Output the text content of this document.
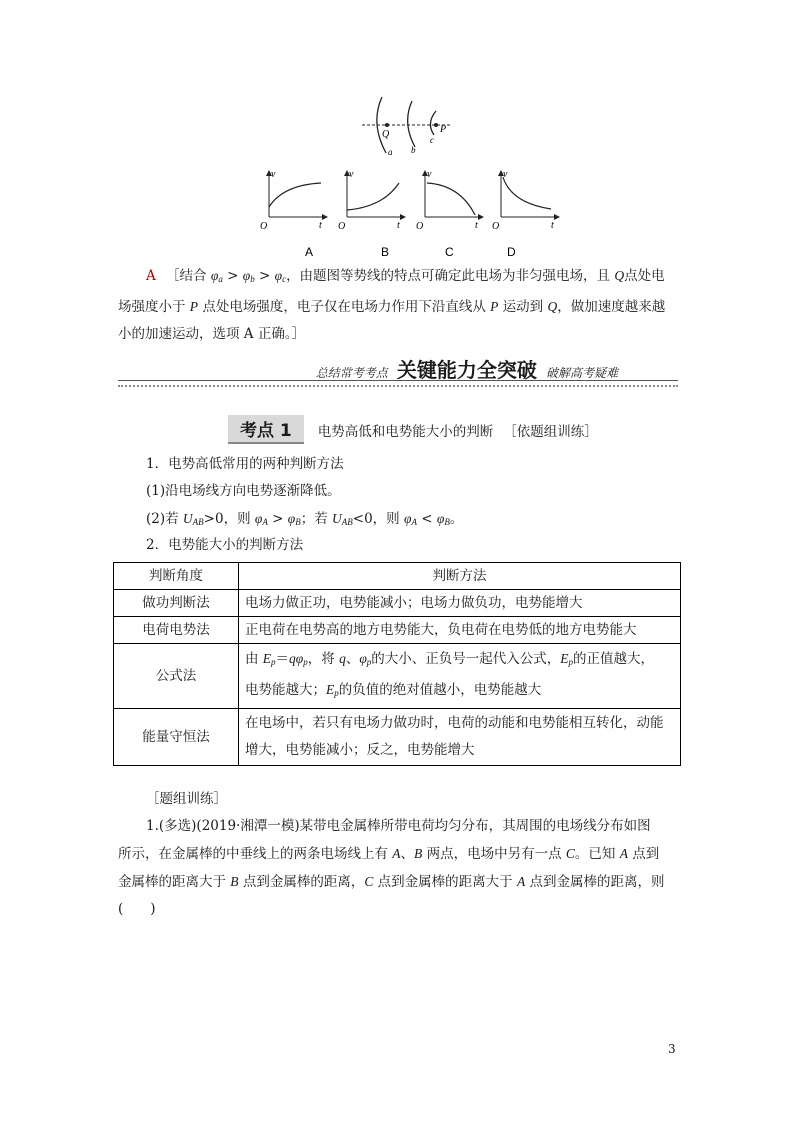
Q
a b
c
P
v
t
O
v
t
O
v
t
O
v
t
O
A	B	C	D
A ［结合 $\varphi_a > \varphi_b > \varphi_c$，由题图等势线的特点可确定此电场为非匀强电场，且 Q点处电
场强度小于 P 点处电场强度，电子仅在电场力作用下沿直线从 P 运动到 Q，做加速度越来越
小的加速运动，选项 A 正确。］
总结常考考点 关键能力全突破 破解高考疑难
考点 1	电势高低和电势能大小的判断 ［依题组训练］
1．电势高低常用的两种判断方法
(1)沿电场线方向电势逐渐降低。
(2)若 $U_{AB}>0$，则 $\varphi_A > \varphi_B$；若 $U_{AB}<0$，则 $\varphi_A < \varphi_B$。
2．电势能大小的判断方法
判断角度	判断方法
做功判断法	电场力做正功，电势能减小；电场力做负功，电势能增大
电荷电势法	正电荷在电势高的地方电势能大，负电荷在电势低的地方电势能大
公式法	由 $E_p=q\varphi_p$，将 q、$\varphi_p$的大小、正负号一起代入公式，$E_p$的正值越大，
电势能越大；$E_p$的负值的绝对值越小，电势能越大
能量守恒法	在电场中，若只有电场力做功时，电荷的动能和电势能相互转化，动能增大，电势能减小；反之，电势能增大
［题组训练］
1.(多选)(2019·湘潭一模)某带电金属棒所带电荷均匀分布，其周围的电场线分布如图
所示，在金属棒的中垂线上的两条电场线上有 A、B 两点，电场中另有一点 C。已知 A 点到
金属棒的距离大于 B 点到金属棒的距离，C 点到金属棒的距离大于 A 点到金属棒的距离，则
(　　)
3
